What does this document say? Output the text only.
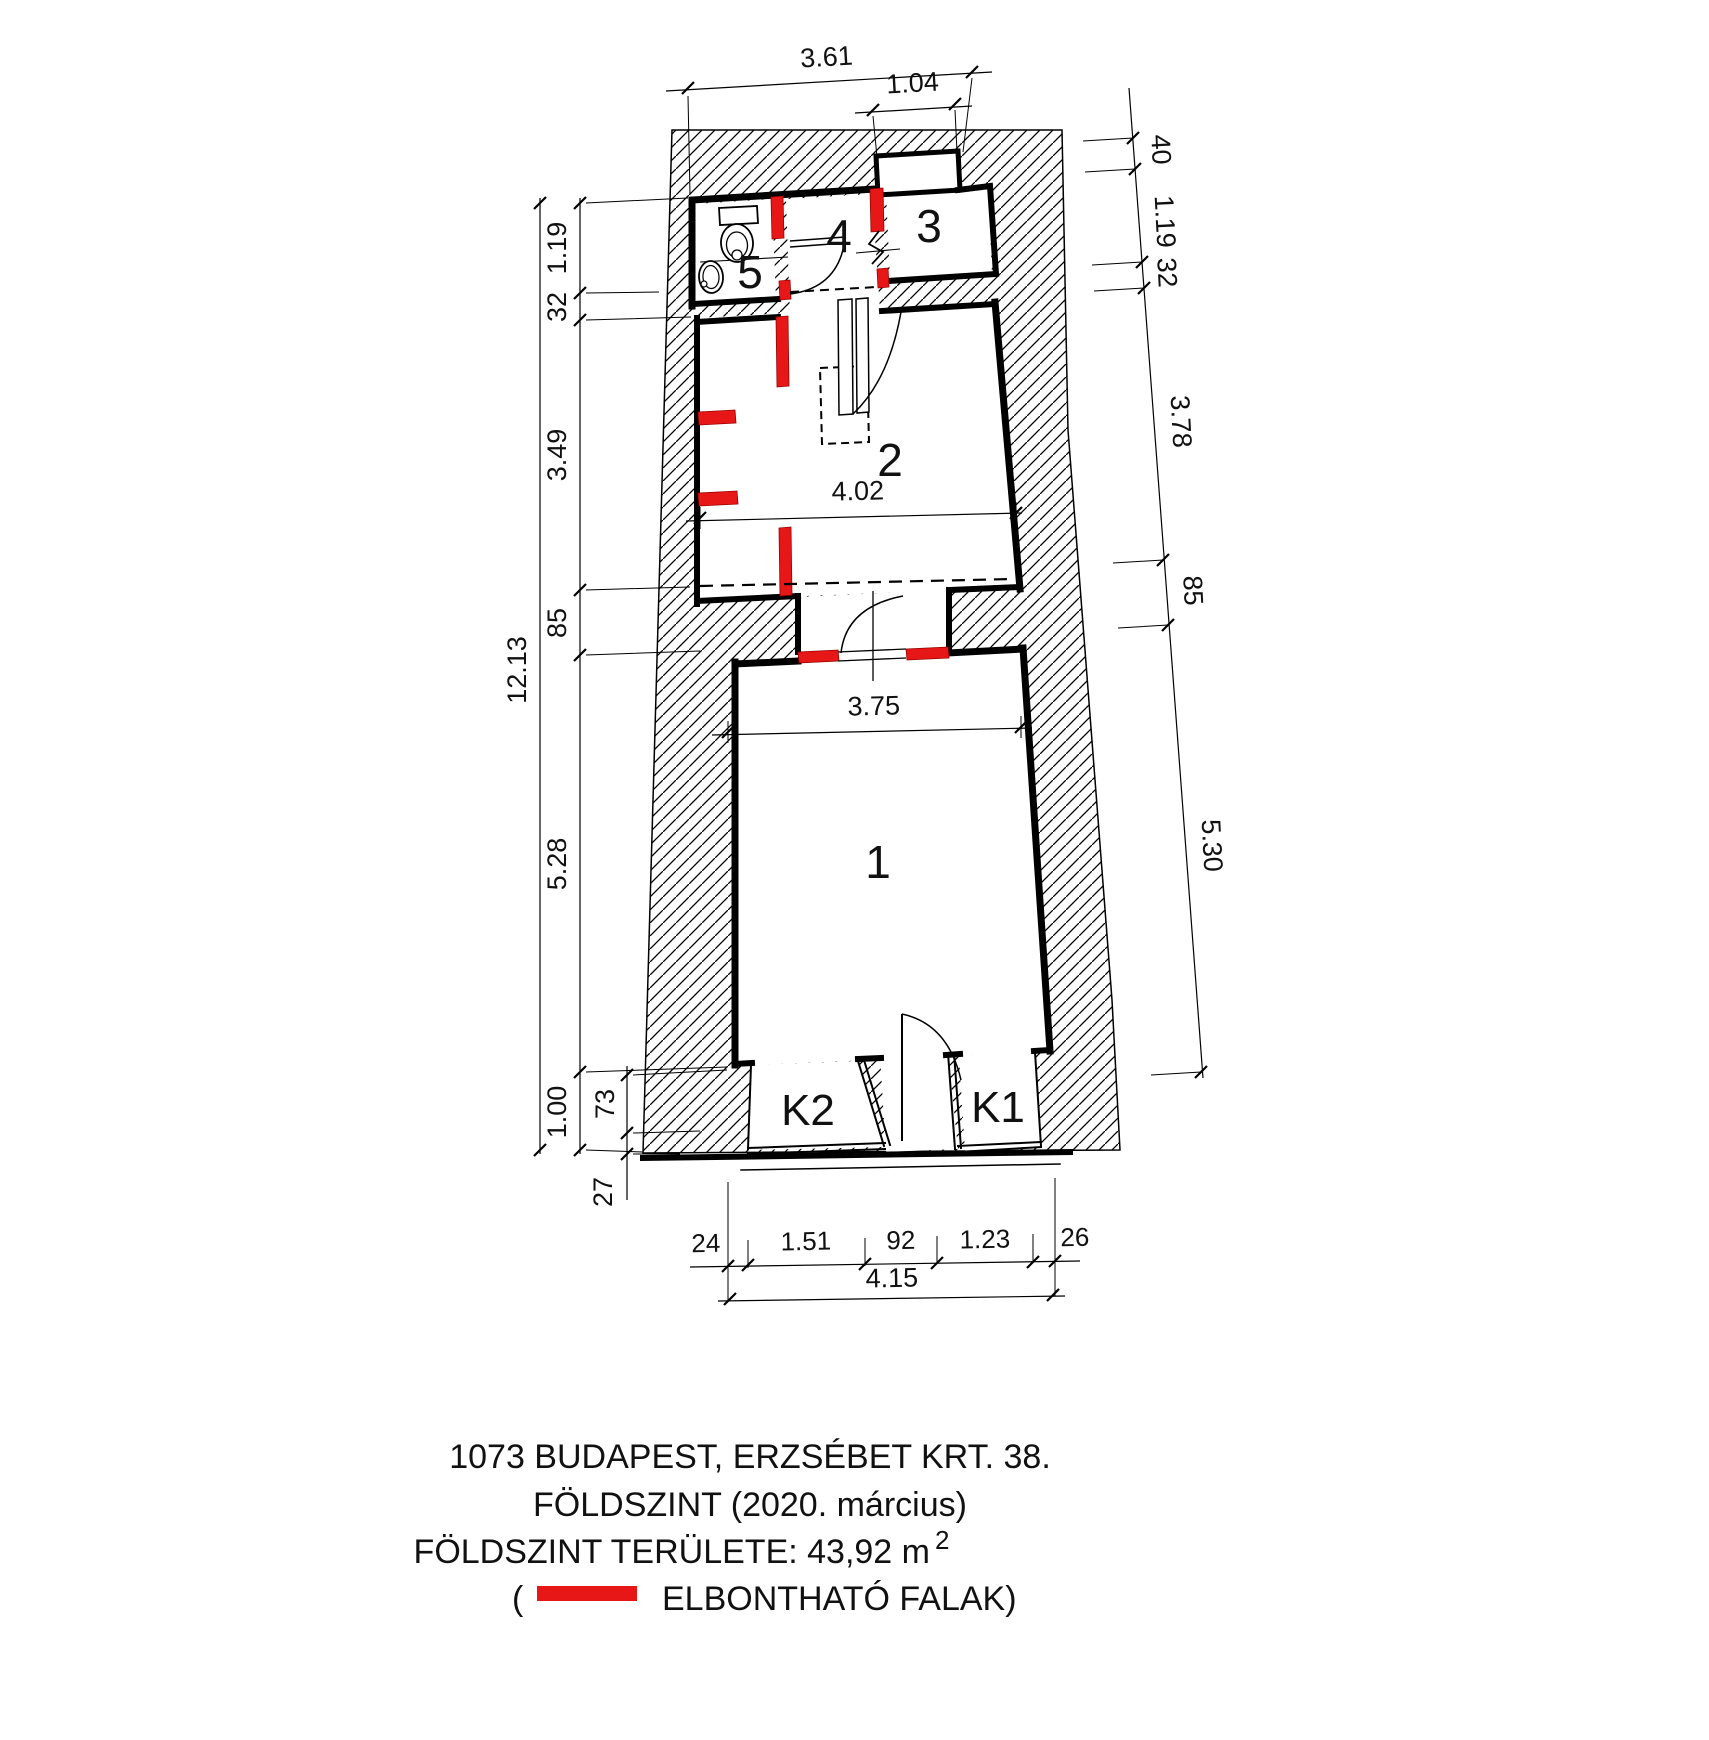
3.61
1.04
12.13
1.19
32
3.49
85
5.28
1.00 73
27
40
1.19
32
3.78
85
5.30
4.02
3.75
24 1.51 92 1.23 26
4.15
1
2
3
4
5
K2	K1
1073 BUDAPEST, ERZSÉBET KRT. 38.
FÖLDSZINT (2020. március)
FÖLDSZINT TERÜLETE: 43,92 m 2
(	ELBONTHATÓ FALAK)
